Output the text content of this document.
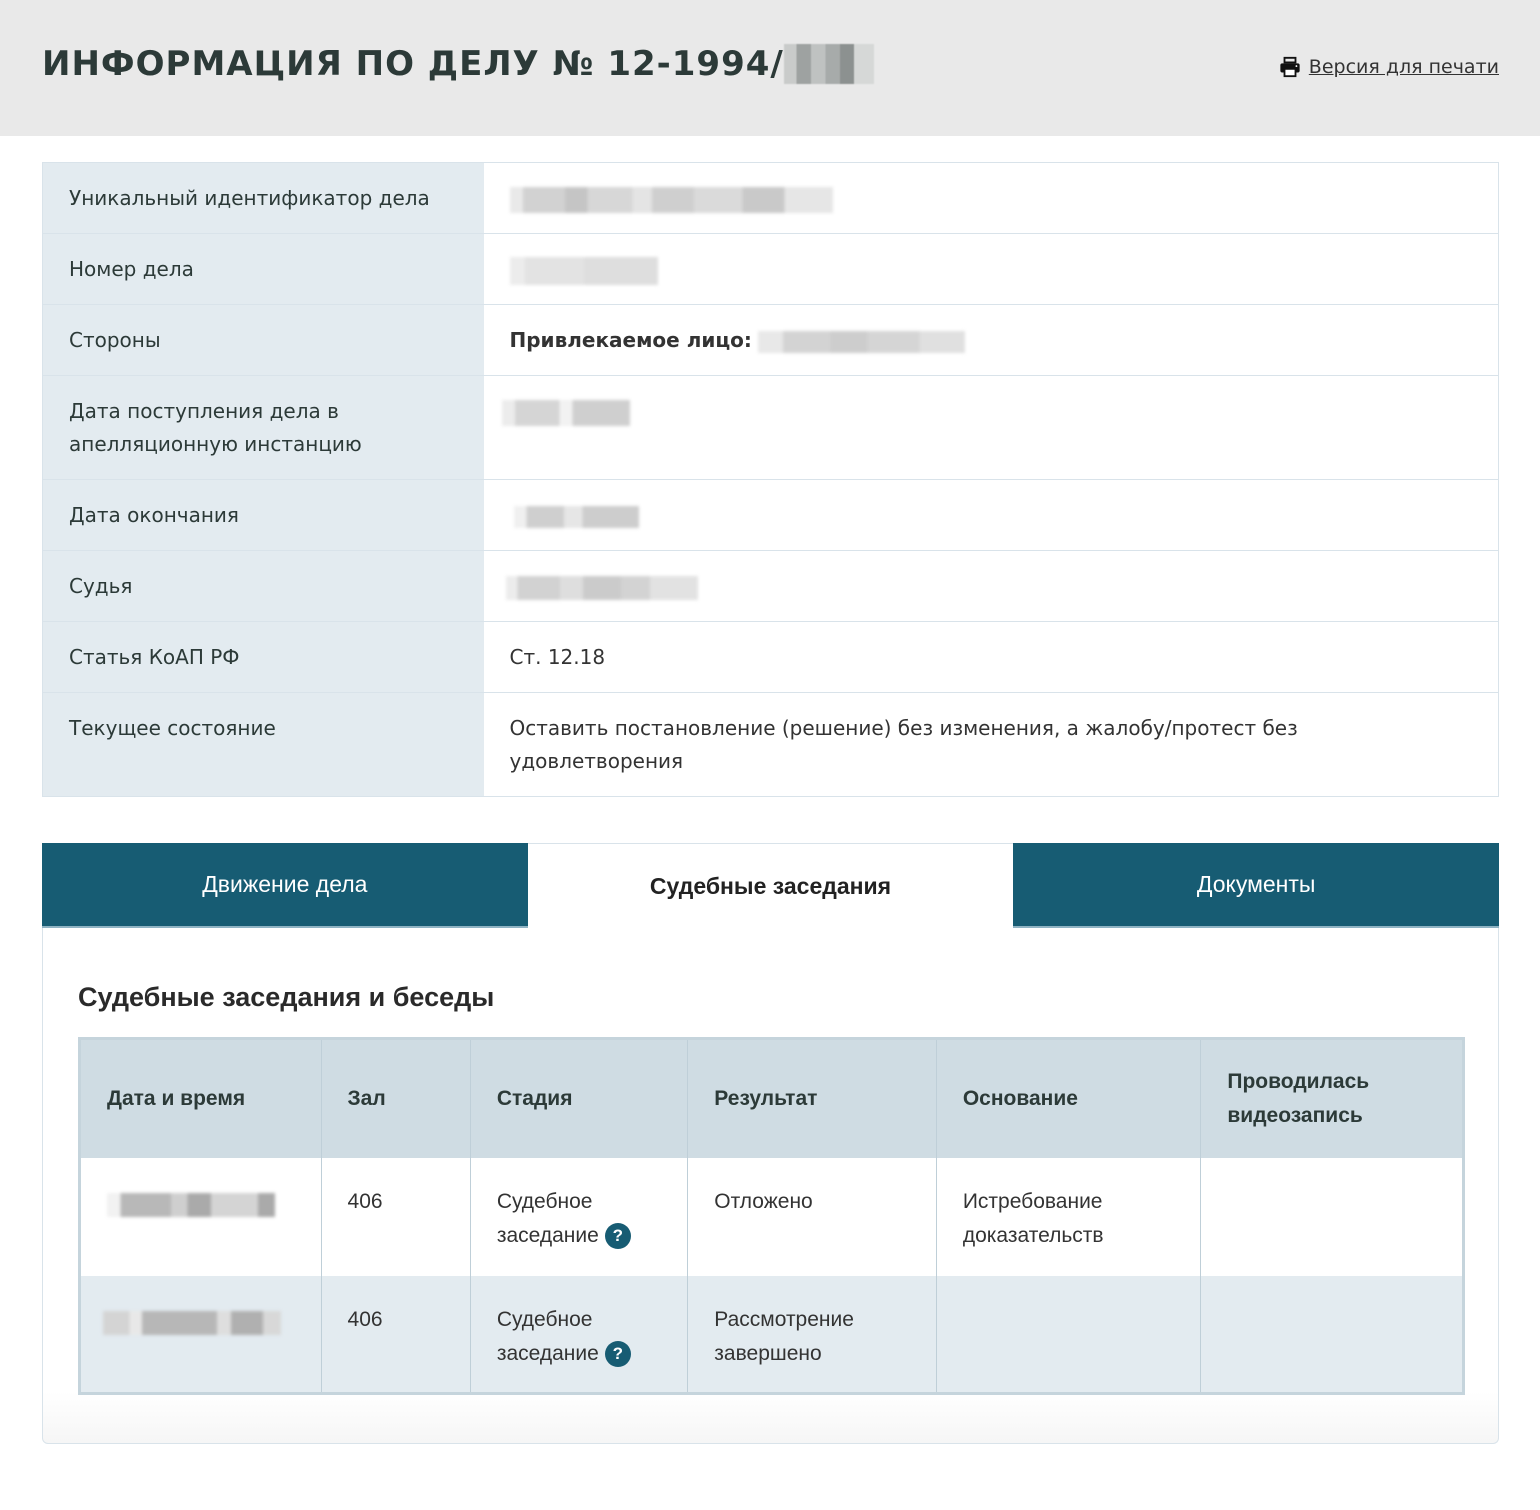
ИНФОРМАЦИЯ ПО ДЕЛУ № 12-1994/	Версия для печати
Уникальный идентификатор дела	
Номер дела	
Стороны	Привлекаемое лицо:
Дата поступления дела в апелляционную инстанцию	
Дата окончания	
Судья	
Статья КоАП РФ	Ст. 12.18
Текущее состояние	Оставить постановление (решение) без изменения, а жалобу/протест без удовлетворения
Движение дела	Судебные заседания	Документы
Судебные заседания и беседы
Дата и время	Зал	Стадия	Результат	Основание	Проводилась видеозапись
	406	Судебное заседание ?	Отложено	Истребование доказательств	
	406	Судебное заседание ?	Рассмотрение завершено		
